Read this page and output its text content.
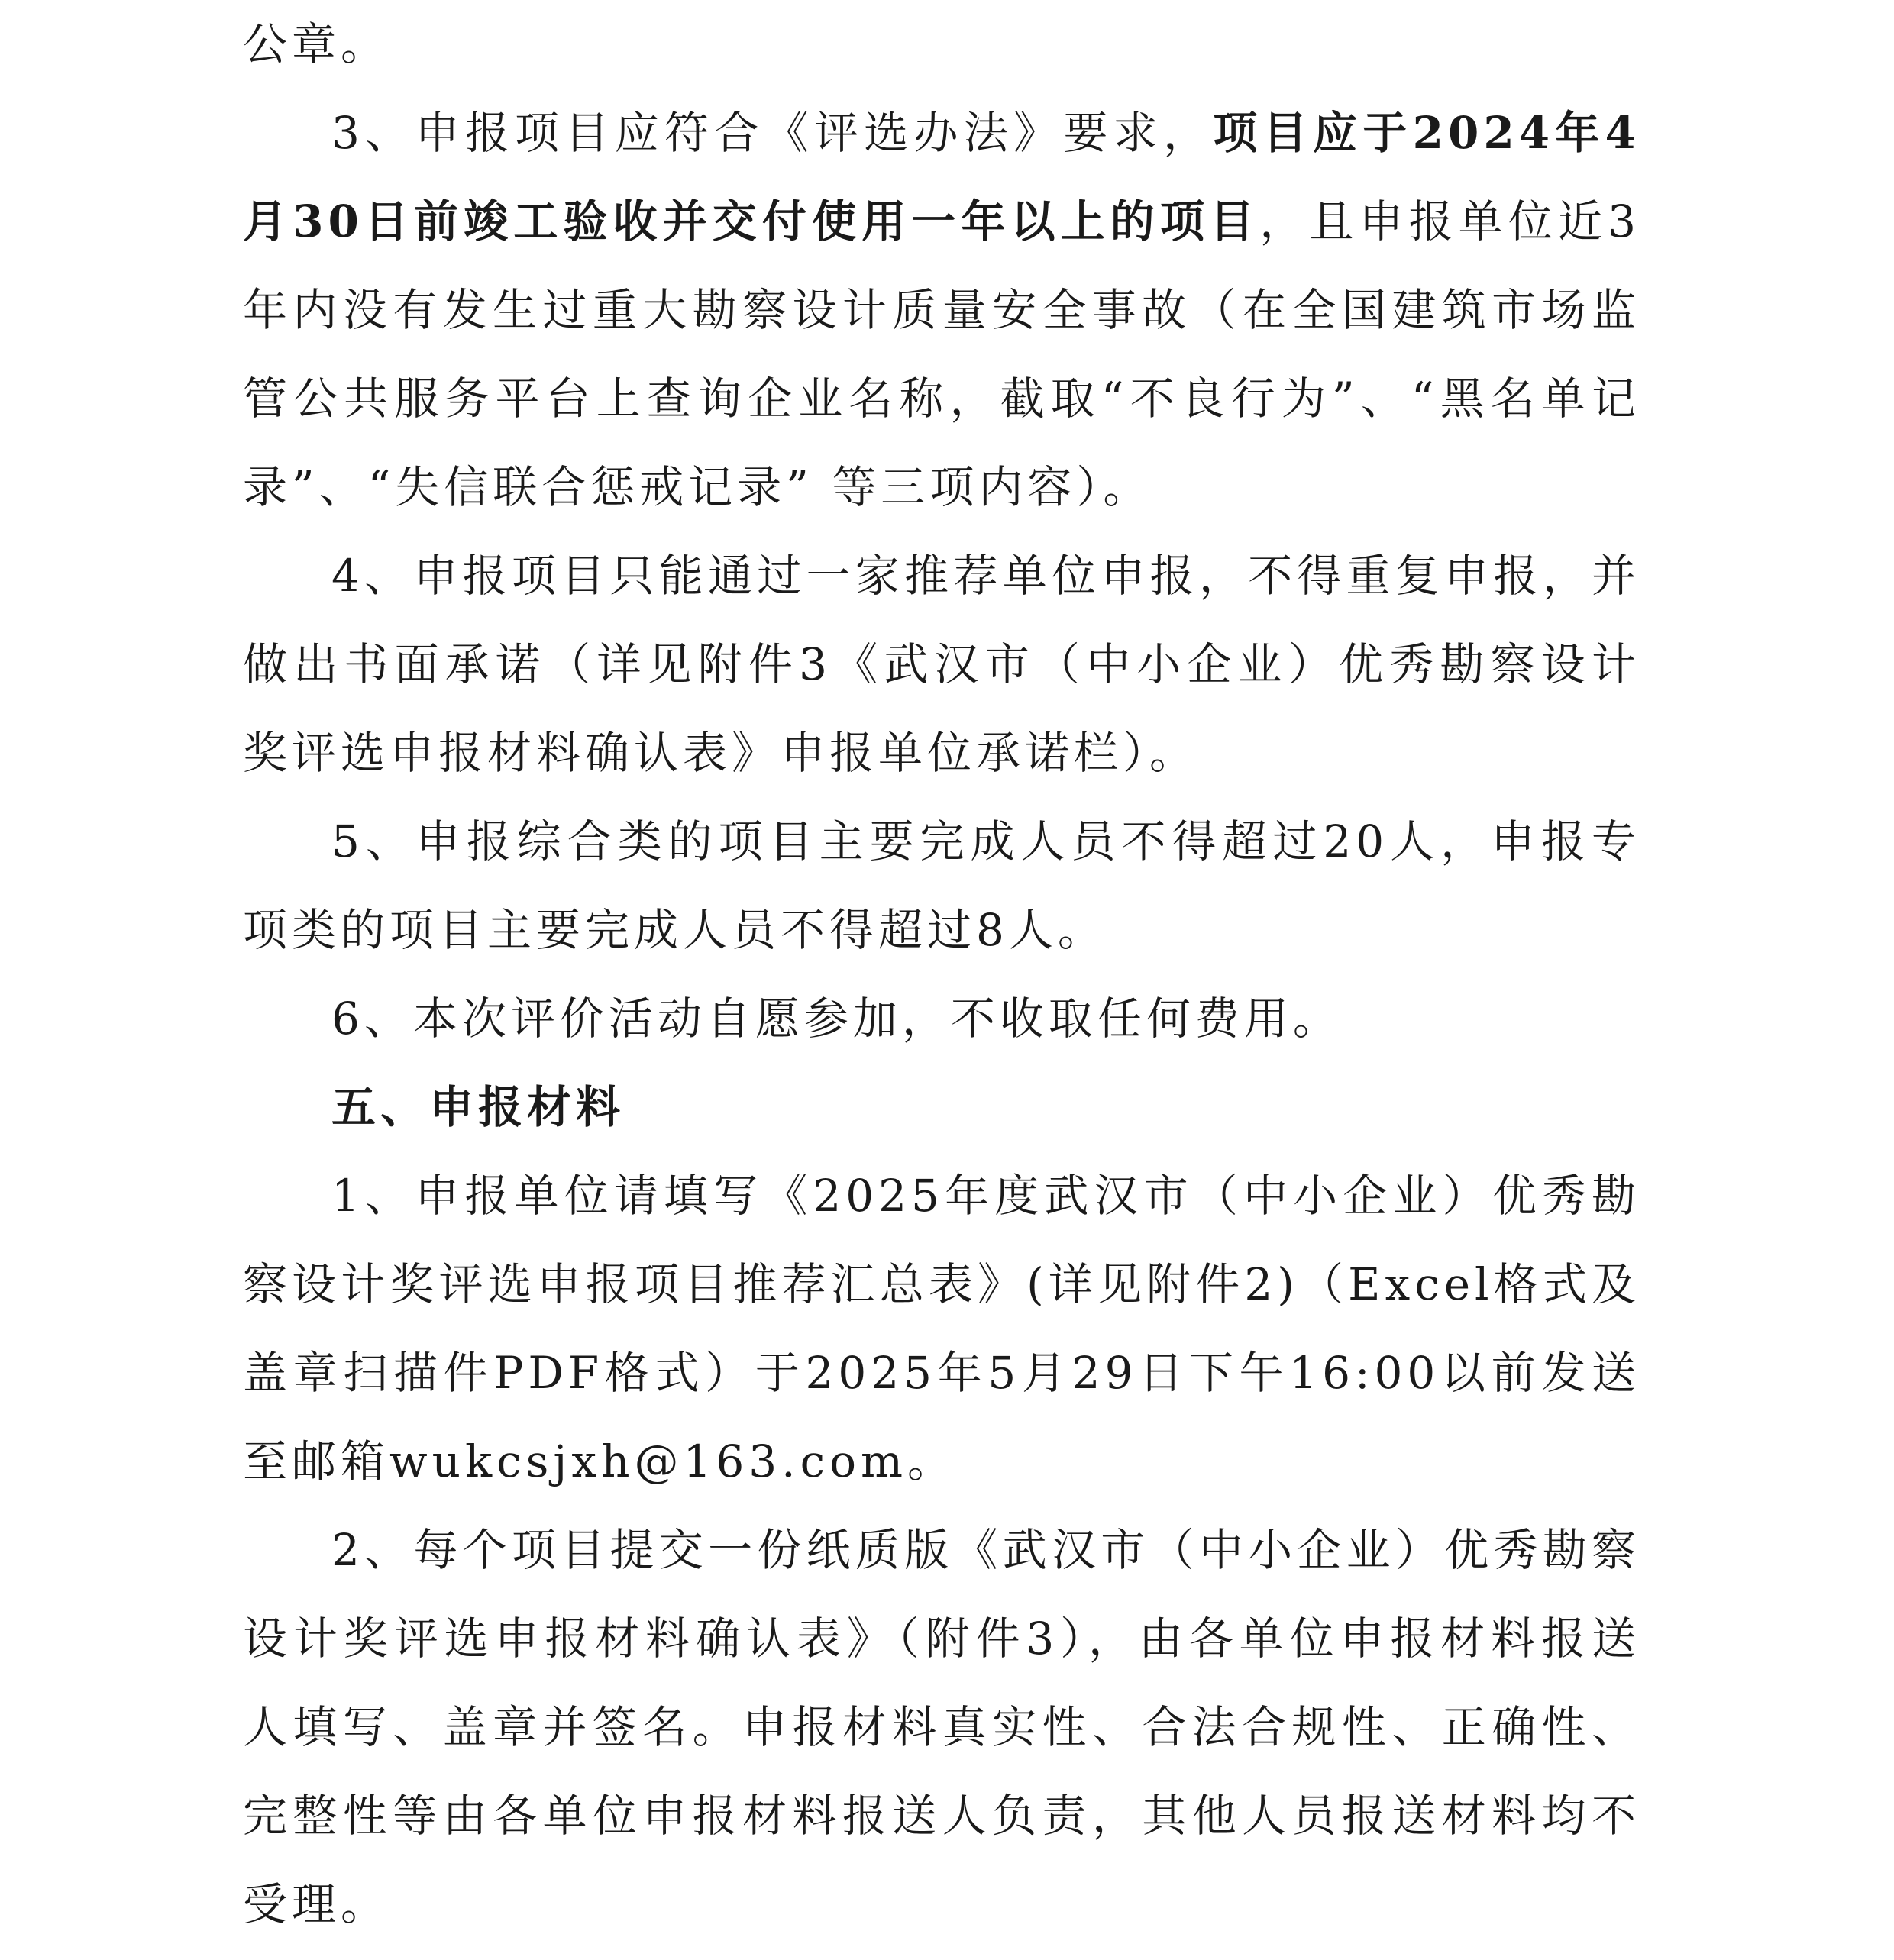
公章。

3、申报项目应符合《评选办法》要求，项目应于2024年4月30日前竣工验收并交付使用一年以上的项目，且申报单位近3年内没有发生过重大勘察设计质量安全事故（在全国建筑市场监管公共服务平台上查询企业名称，截取“不良行为”、“黑名单记录”、“失信联合惩戒记录” 等三项内容）。

4、申报项目只能通过一家推荐单位申报，不得重复申报，并做出书面承诺（详见附件3《武汉市（中小企业）优秀勘察设计奖评选申报材料确认表》申报单位承诺栏）。

5、申报综合类的项目主要完成人员不得超过20人，申报专项类的项目主要完成人员不得超过8人。

6、本次评价活动自愿参加，不收取任何费用。

五、申报材料

1、申报单位请填写《2025年度武汉市（中小企业）优秀勘察设计奖评选申报项目推荐汇总表》(详见附件2)（Excel格式及盖章扫描件PDF格式）于2025年5月29日下午16:00以前发送至邮箱wukcsjxh@163.com。

2、每个项目提交一份纸质版《武汉市（中小企业）优秀勘察设计奖评选申报材料确认表》（附件3），由各单位申报材料报送人填写、盖章并签名。申报材料真实性、合法合规性、正确性、完整性等由各单位申报材料报送人负责，其他人员报送材料均不受理。
